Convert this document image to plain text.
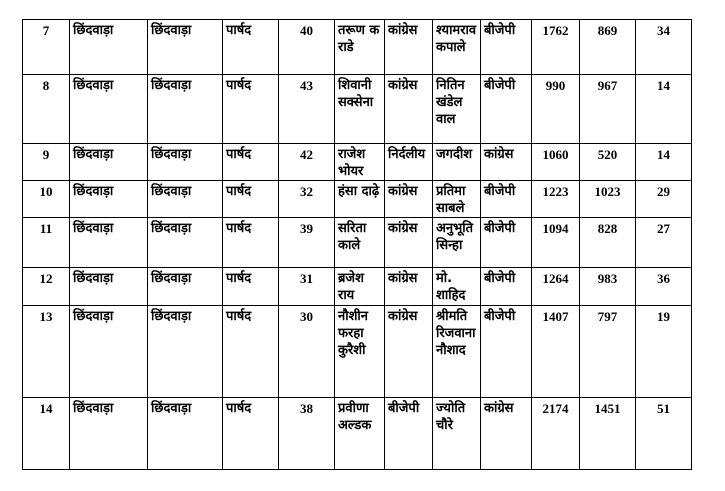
7	छिंदवाड़ा	छिंदवाड़ा	पार्षद	40	तरूण कराडे	कांग्रेस	श्यामराव कपाले	बीजेपी	1762	869	34
8	छिंदवाड़ा	छिंदवाड़ा	पार्षद	43	शिवानी सक्सेना	कांग्रेस	नितिन खंडेल वाल	बीजेपी	990	967	14
9	छिंदवाड़ा	छिंदवाड़ा	पार्षद	42	राजेश भोयर	निर्दलीय	जगदीश	कांग्रेस	1060	520	14
10	छिंदवाड़ा	छिंदवाड़ा	पार्षद	32	हंसा दाढ़े	कांग्रेस	प्रतिमा साबले	बीजेपी	1223	1023	29
11	छिंदवाड़ा	छिंदवाड़ा	पार्षद	39	सरिता काले	कांग्रेस	अनुभूति सिन्हा	बीजेपी	1094	828	27
12	छिंदवाड़ा	छिंदवाड़ा	पार्षद	31	ब्रजेश राय	कांग्रेस	मो.शाहिद	बीजेपी	1264	983	36
13	छिंदवाड़ा	छिंदवाड़ा	पार्षद	30	नौशीन फरहा कुरैशी	कांग्रेस	श्रीमति रिजवाना नौशाद	बीजेपी	1407	797	19
14	छिंदवाड़ा	छिंदवाड़ा	पार्षद	38	प्रवीणा अल्डक	बीजेपी	ज्योति चौरे	कांग्रेस	2174	1451	51
